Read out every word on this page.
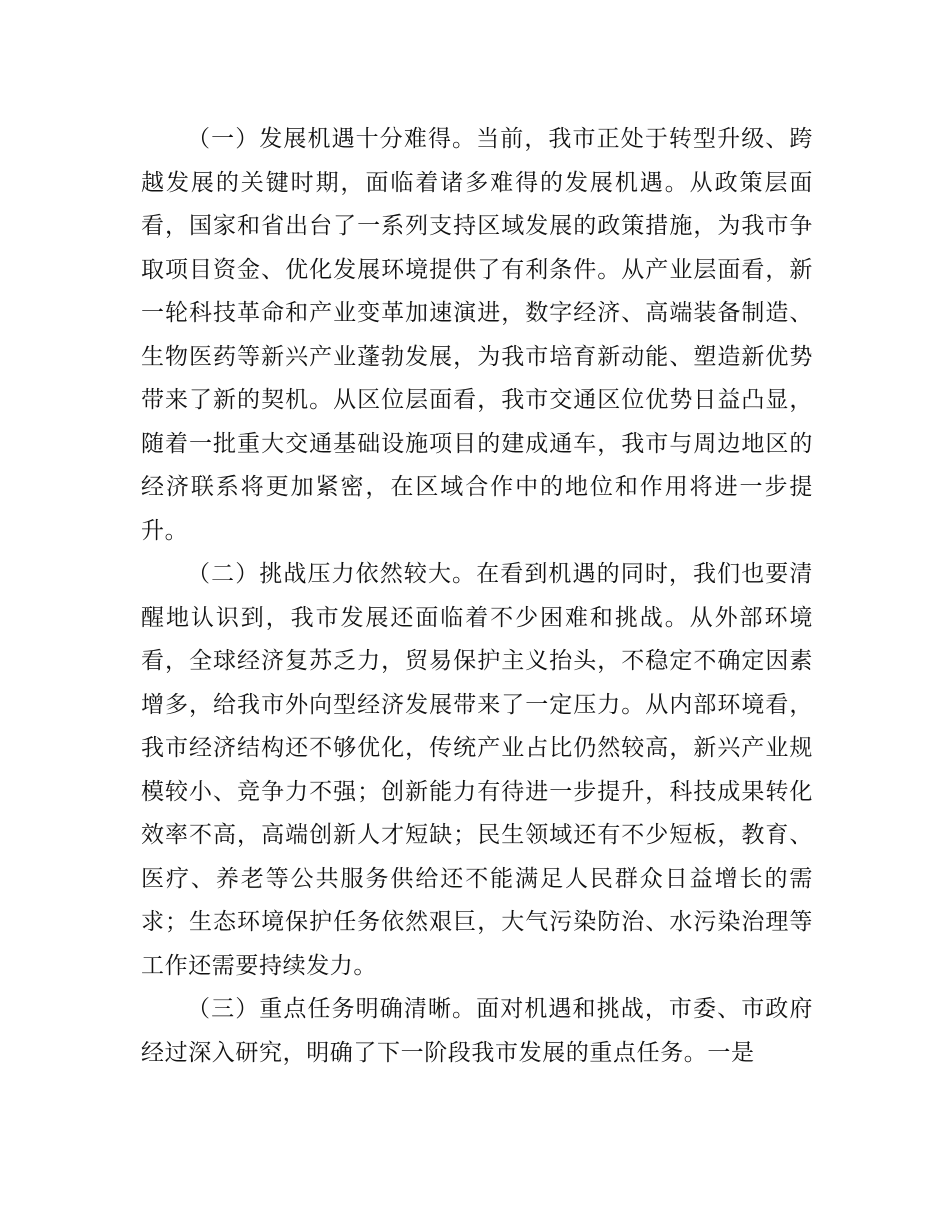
（一）发展机遇十分难得。当前，我市正处于转型升级、跨越发展的关键时期，面临着诸多难得的发展机遇。从政策层面看，国家和省出台了一系列支持区域发展的政策措施，为我市争取项目资金、优化发展环境提供了有利条件。从产业层面看，新一轮科技革命和产业变革加速演进，数字经济、高端装备制造、生物医药等新兴产业蓬勃发展，为我市培育新动能、塑造新优势带来了新的契机。从区位层面看，我市交通区位优势日益凸显，随着一批重大交通基础设施项目的建成通车，我市与周边地区的经济联系将更加紧密，在区域合作中的地位和作用将进一步提升。

（二）挑战压力依然较大。在看到机遇的同时，我们也要清醒地认识到，我市发展还面临着不少困难和挑战。从外部环境看，全球经济复苏乏力，贸易保护主义抬头，不稳定不确定因素增多，给我市外向型经济发展带来了一定压力。从内部环境看，我市经济结构还不够优化，传统产业占比仍然较高，新兴产业规模较小、竞争力不强；创新能力有待进一步提升，科技成果转化效率不高，高端创新人才短缺；民生领域还有不少短板，教育、医疗、养老等公共服务供给还不能满足人民群众日益增长的需求；生态环境保护任务依然艰巨，大气污染防治、水污染治理等工作还需要持续发力。

（三）重点任务明确清晰。面对机遇和挑战，市委、市政府经过深入研究，明确了下一阶段我市发展的重点任务。一是
